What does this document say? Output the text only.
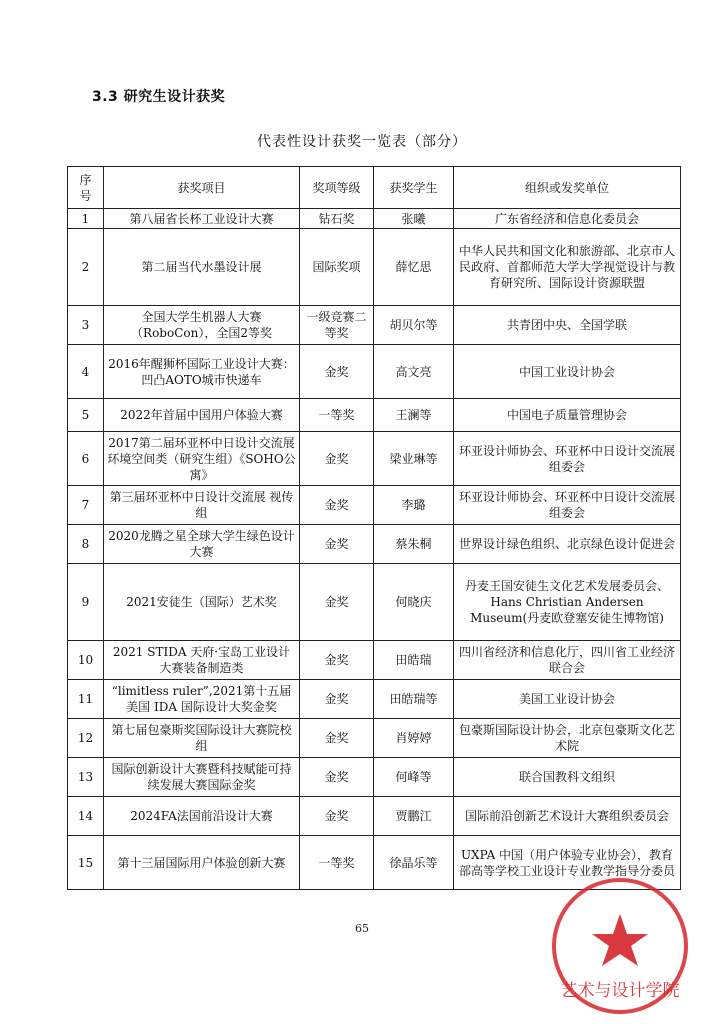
3.3 研究生设计获奖
代表性设计获奖一览表（部分）
序号	获奖项目	奖项等级	获奖学生	组织或发奖单位
1	第八届省长杯工业设计大赛	钻石奖	张曦	广东省经济和信息化委员会
2	第二届当代水墨设计展	国际奖项	薛忆思	中华人民共和国文化和旅游部、北京市人民政府、首都师范大学大学视觉设计与教育研究所、国际设计资源联盟
3	全国大学生机器人大赛（RoboCon），全国2等奖	一级竞赛二等奖	胡贝尔等	共青团中央、全国学联
4	2016年醒狮杯国际工业设计大赛：凹凸AOTO城市快递车	金奖	高文亮	中国工业设计协会
5	2022年首届中国用户体验大赛	一等奖	王澜等	中国电子质量管理协会
6	2017第二届环亚杯中日设计交流展环境空间类（研究生组）《SOHO公寓》	金奖	梁业琳等	环亚设计师协会、环亚杯中日设计交流展组委会
7	第三届环亚杯中日设计交流展 视传组	金奖	李璐	环亚设计师协会、环亚杯中日设计交流展组委会
8	2020龙腾之星全球大学生绿色设计大赛	金奖	蔡朱桐	世界设计绿色组织、北京绿色设计促进会
9	2021安徒生（国际）艺术奖	金奖	何晓庆	丹麦王国安徒生文化艺术发展委员会、Hans Christian Andersen Museum(丹麦欧登塞安徒生博物馆)
10	2021 STIDA 天府·宝岛工业设计大赛装备制造类	金奖	田皓瑞	四川省经济和信息化厅，四川省工业经济联合会
11	“limitless ruler”,2021第十五届美国 IDA 国际设计大奖金奖	金奖	田皓瑞等	美国工业设计协会
12	第七届包豪斯奖国际设计大赛院校组	金奖	肖婷婷	包豪斯国际设计协会，北京包豪斯文化艺术院
13	国际创新设计大赛暨科技赋能可持续发展大赛国际金奖	金奖	何峰等	联合国教科文组织
14	2024FA法国前沿设计大赛	金奖	贾鹏江	国际前沿创新艺术设计大赛组织委员会
15	第十三届国际用户体验创新大赛	一等奖	徐晶乐等	UXPA 中国（用户体验专业协会），教育部高等学校工业设计专业教学指导分委员
65
艺术与设计学院
